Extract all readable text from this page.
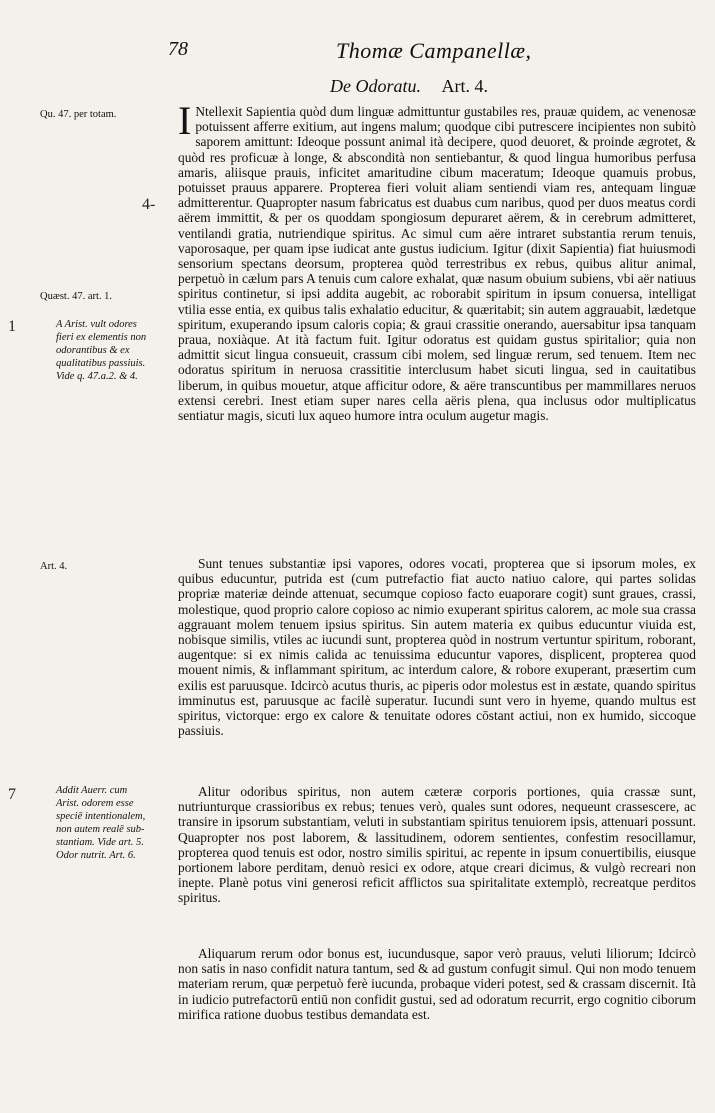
78	Thomæ Campanellæ,
De Odoratu. Art. 4.
Qu. 47. per totam.
Quæst. 47. art. 1.
A Arist. vult odores
fieri ex elementis non
odorantibus & ex
qualitatibus passiuis.
Vide q. 47.a.2. & 4.
Art. 4.
Addit Auerr. cum
Arist. odorem esse
speciē intentionalem,
non autem realē sub-
stantiam. Vide art. 5.
Odor nutrit. Art. 6.
4-
1
7
I Ntellexit Sapientia quòd dum linguæ admittuntur gustabiles res, prauæ quidem, ac venenosæ potuissent afferre exitium, aut ingens malum; quodque cibi putrescere incipientes non subitò saporem amittunt: Ideoque possunt animal ità decipere, quod deuoret, & proinde ægrotet, & quòd res proficuæ à longe, & abscondità non sentiebantur, & quod lingua humoribus perfusa amaris, aliisque prauis, inficitet amaritudine cibum maceratum; Ideoque quamuis probus, potuisset prauus apparere. Propterea fieri voluit aliam sentiendi viam res, antequam linguæ admitterentur. Quapropter nasum fabricatus est duabus cum naribus, quod per duos meatus cordi aërem immittit, & per os quoddam spongiosum depuraret aërem, & in cerebrum admitteret, ventilandi gratia, nutriendique spiritus. Ac simul cum aëre intraret substantia rerum tenuis, vaporosaque, per quam ipse iudicat ante gustus iudicium. Igitur (dixit Sapientia) fiat huiusmodi sensorium spectans deorsum, propterea quòd terrestribus ex rebus, quibus alitur animal, perpetuò in cælum pars A tenuis cum calore exhalat, quæ nasum obuium subiens, vbi aër natiuus spiritus continetur, si ipsi addita augebit, ac roborabit spiritum in ipsum conuersa, intelligat vtilia esse entia, ex quibus talis exhalatio educitur, & quæritabit; sin autem aggrauabit, lædetque spiritum, exuperando ipsum caloris copia; & graui crassitie onerando, auersabitur ipsa tanquam praua, noxiàque. At ità factum fuit. Igitur odoratus est quidam gustus spiritalior; quia non admittit sicut lingua consueuit, crassum cibi molem, sed linguæ rerum, sed tenuem. Item nec odoratus spiritum in neruosa crassititie interclusum habet sicuti lingua, sed in cauitatibus liberum, in quibus mouetur, atque afficitur odore, & aëre transcuntibus per mammillares neruos extensi cerebri. Inest etiam super nares cella aëris plena, qua inclusus odor multiplicatus sentiatur magis, sicuti lux aqueo humore intra oculum augetur magis.

Sunt tenues substantiæ ipsi vapores, odores vocati, propterea que si ipsorum moles, ex quibus educuntur, putrida est (cum putrefactio fiat aucto natiuo calore, qui partes solidas propriæ materiæ deinde attenuat, secumque copioso facto euaporare cogit) sunt graues, crassi, molestique, quod proprio calore copioso ac nimio exuperant spiritus calorem, ac mole sua crassa aggrauant molem tenuem ipsius spiritus. Sin autem materia ex quibus educuntur viuida est, nobisque similis, vtiles ac iucundi sunt, propterea quòd in nostrum vertuntur spiritum, roborant, augentque: si ex nimis calida ac tenuissima educuntur vapores, displicent, propterea quod mouent nimis, & inflammant spiritum, ac interdum calore, & robore exuperant, præsertim cum exilis est paruusque. Idcircò acutus thuris, ac piperis odor molestus est in æstate, quando spiritus imminutus est, paruusque ac facilè superatur. Iucundi sunt vero in hyeme, quando multus est spiritus, victorque: ergo ex calore & tenuitate odores cōstant actiui, non ex humido, siccoque passiuis.

Alitur odoribus spiritus, non autem cæteræ corporis portiones, quia crassæ sunt, nutriunturque crassioribus ex rebus; tenues verò, quales sunt odores, nequeunt crassescere, ac transire in ipsorum substantiam, veluti in substantiam spiritus tenuiorem ipsis, attenuari possunt. Quapropter nos post laborem, & lassitudinem, odorem sentientes, confestim resocillamur, propterea quod tenuis est odor, nostro similis spiritui, ac repente in ipsum conuertibilis, eiusque portionem labore perditam, denuò resici ex odore, atque creari dicimus, & vulgò recreari non inepte. Planè potus vini generosi reficit afflictos sua spiritalitate extemplò, recreatque perditos spiritus.

Aliquarum rerum odor bonus est, iucundusque, sapor verò prauus, veluti liliorum; Idcircò non satis in naso confidit natura tantum, sed & ad gustum confugit simul. Qui non modo tenuem materiam rerum, quæ perpetuò ferè iucunda, probaque videri potest, sed & crassam discernit. Ità in iudicio putrefactorū entiū non confidit gustui, sed ad odoratum recurrit, ergo cognitio ciborum mirifica ratione duobus testibus demandata est.
